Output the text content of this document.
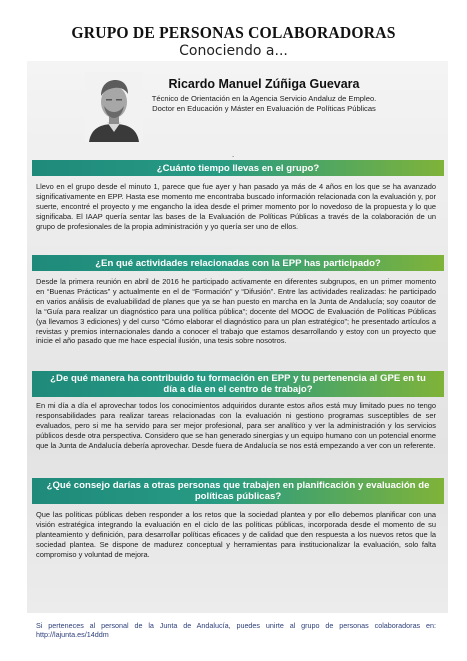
GRUPO DE PERSONAS COLABORADORAS
Conociendo a...
Ricardo Manuel Zúñiga Guevara
Técnico de Orientación en la Agencia Servicio Andaluz de Empleo. Doctor en Educación y Máster en Evaluación de Políticas Públicas
.
¿Cuánto tiempo llevas en el grupo?
Llevo en el grupo desde el minuto 1, parece que fue ayer y han pasado ya más de 4 años en los que se ha avanzado significativamente en EPP. Hasta ese momento me encontraba buscado información relacionada con la evaluación y, por suerte, encontré el proyecto y me engancho la idea desde el primer momento por lo novedoso de la propuesta y lo que significaba. El IAAP quería sentar las bases de la Evaluación de Políticas Públicas a través de la colaboración de un grupo de profesionales de la propia administración y yo quería ser uno de ellos.
¿En qué actividades relacionadas con la EPP has participado?
Desde la primera reunión en abril de 2016 he participado activamente en diferentes subgrupos, en un primer momento en “Buenas Prácticas” y actualmente en el de “Formación” y “Difusión”. Entre las actividades realizadas: he participado en varios análisis de evaluabilidad de planes que ya se han puesto en marcha en la Junta de Andalucía; soy coautor de la “Guía para realizar un diagnóstico para una política pública”; docente del MOOC de Evaluación de Políticas Públicas (ya llevamos 3 ediciones) y del curso “Cómo elaborar el diagnóstico para un plan estratégico”; he presentado artículos a revistas y premios internacionales dando a conocer el trabajo que estamos desarrollando y estoy con un proyecto que inicie el año pasado que me hace especial ilusión, una tesis sobre nosotros.
¿De qué manera ha contribuido tu formación en EPP y tu pertenencia al GPE en tu día a día en el centro de trabajo?
En mi día a día el aprovechar todos los conocimientos adquiridos durante estos años está muy limitado pues no tengo responsabilidades para realizar tareas relacionadas con la evaluación ni gestiono programas susceptibles de ser evaluados, pero si me ha servido para ser mejor profesional, para ser analítico y ver la administración y los servicios públicos desde otra perspectiva. Considero que se han generado sinergias y un equipo humano con un potencial enorme que la Junta de Andalucía debería aprovechar. Desde fuera de Andalucía se nos está empezando a ver con un referente.
¿Qué consejo darías a otras personas que trabajen en planificación y evaluación de políticas públicas?
Que las políticas públicas deben responder a los retos que la sociedad plantea y por ello debemos planificar con una visión estratégica integrando la evaluación en el ciclo de las políticas públicas, incorporada desde el momento de su planteamiento y definición, para desarrollar políticas eficaces y de calidad que den respuesta a los nuevos retos que la sociedad plantea. Se dispone de madurez conceptual y herramientas para institucionalizar la evaluación, solo falta compromiso y voluntad de mejora.
Si perteneces al personal de la Junta de Andalucía, puedes unirte al grupo de personas colaboradoras en: http://lajunta.es/14ddm
